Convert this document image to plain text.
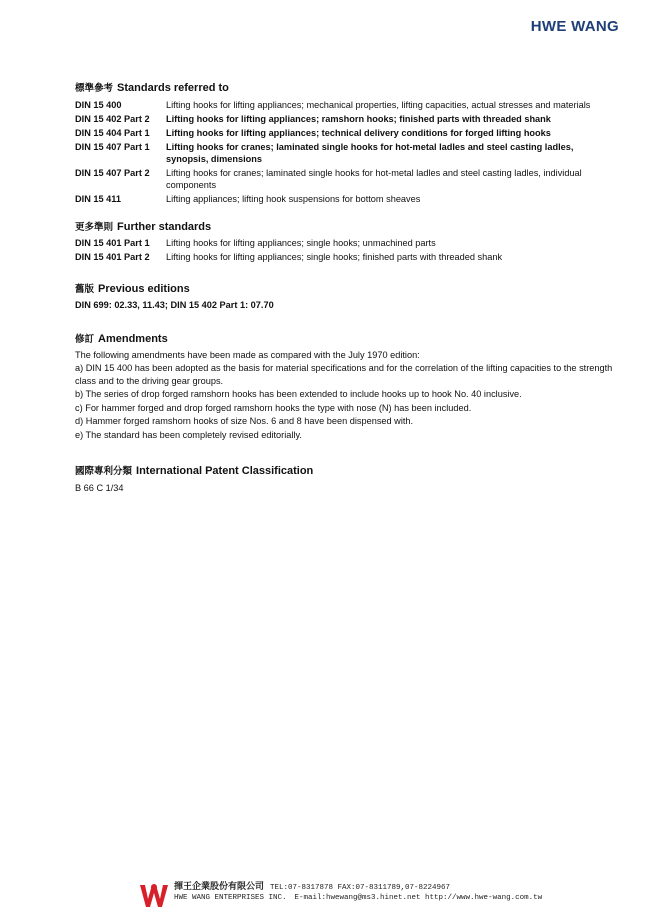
HWE WANG

標準參考 Standards referred to

DIN 15 400	Lifting hooks for lifting appliances; mechanical properties, lifting capacities, actual stresses and materials
DIN 15 402 Part 2	Lifting hooks for lifting appliances; ramshorn hooks; finished parts with threaded shank
DIN 15 404 Part 1	Lifting hooks for lifting appliances; technical delivery conditions for forged lifting hooks
DIN 15 407 Part 1	Lifting hooks for cranes; laminated single hooks for hot-metal ladles and steel casting ladles, synopsis, dimensions
DIN 15 407 Part 2	Lifting hooks for cranes; laminated single hooks for hot-metal ladles and steel casting ladles, individual components
DIN 15 411	Lifting appliances; lifting hook suspensions for bottom sheaves

更多準則 Further standards

DIN 15 401 Part 1	Lifting hooks for lifting appliances; single hooks; unmachined parts
DIN 15 401 Part 2	Lifting hooks for lifting appliances; single hooks; finished parts with threaded shank

舊版 Previous editions

DIN 699: 02.33, 11.43; DIN 15 402 Part 1: 07.70

修訂 Amendments

The following amendments have been made as compared with the July 1970 edition:
a) DIN 15 400 has been adopted as the basis for material specifications and for the correlation of the lifting capacities to the strength class and to the driving gear groups.
b) The series of drop forged ramshorn hooks has been extended to include hooks up to hook No. 40 inclusive.
c) For hammer forged and drop forged ramshorn hooks the type with nose (N) has been included.
d) Hammer forged ramshorn hooks of size Nos. 6 and 8 have been dispensed with.
e) The standard has been completely revised editorially.

國際專利分類 International Patent Classification

B 66 C 1/34
揮王企業股份有限公司 TEL:07-8317878 FAX:07-8311789,07-8224967
HWE WANG ENTERPRISES INC. E-mail:hwewang@ms3.hinet.net http://www.hwe-wang.com.tw
